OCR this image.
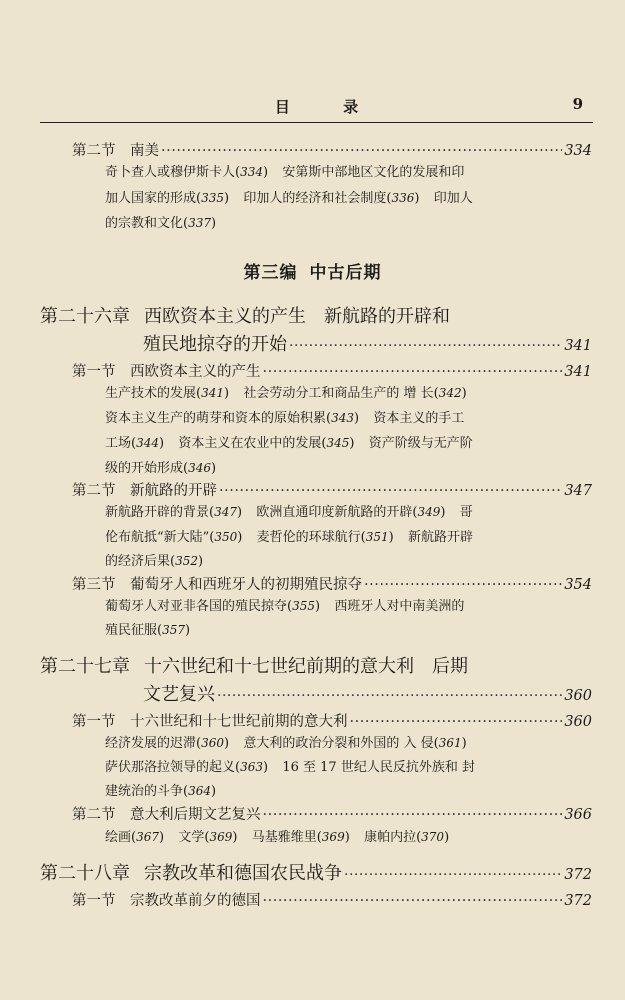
目 录	9
第二节　南美 ·····	334
奇卜查人或穆伊斯卡人(334) 安第斯中部地区文化的发展和印
加人国家的形成(335) 印加人的经济和社会制度(336) 印加人
的宗教和文化(337)
第三编 中古后期
第二十六章 西欧资本主义的产生　新航路的开辟和
殖民地掠夺的开始 ·····	341
第一节　西欧资本主义的产生 ·····	341
生产技术的发展(341) 社会劳动分工和商品生产的 增 长(342)
资本主义生产的萌芽和资本的原始积累(343) 资本主义的手工
工场(344) 资本主义在农业中的发展(345) 资产阶级与无产阶
级的开始形成(346)
第二节　新航路的开辟 ·····	347
新航路开辟的背景(347) 欧洲直通印度新航路的开辟(349) 哥
伦布航抵“新大陆”(350) 麦哲伦的环球航行(351) 新航路开辟
的经济后果(352)
第三节　葡萄牙人和西班牙人的初期殖民掠夺 ·····	354
葡萄牙人对亚非各国的殖民掠夺(355) 西班牙人对中南美洲的
殖民征服(357)
第二十七章 十六世纪和十七世纪前期的意大利　后期
文艺复兴 ·····	360
第一节　十六世纪和十七世纪前期的意大利 ·····	360
经济发展的迟滞(360) 意大利的政治分裂和外国的 入 侵(361)
萨伏那洛拉领导的起义(363) 16 至 17 世纪人民反抗外族和 封
建统治的斗争(364)
第二节　意大利后期文艺复兴 ·····	366
绘画(367) 文学(369) 马基雅维里(369) 康帕内拉(370)
第二十八章 宗教改革和德国农民战争 ·····	372
第一节　宗教改革前夕的德国 ·····	372
